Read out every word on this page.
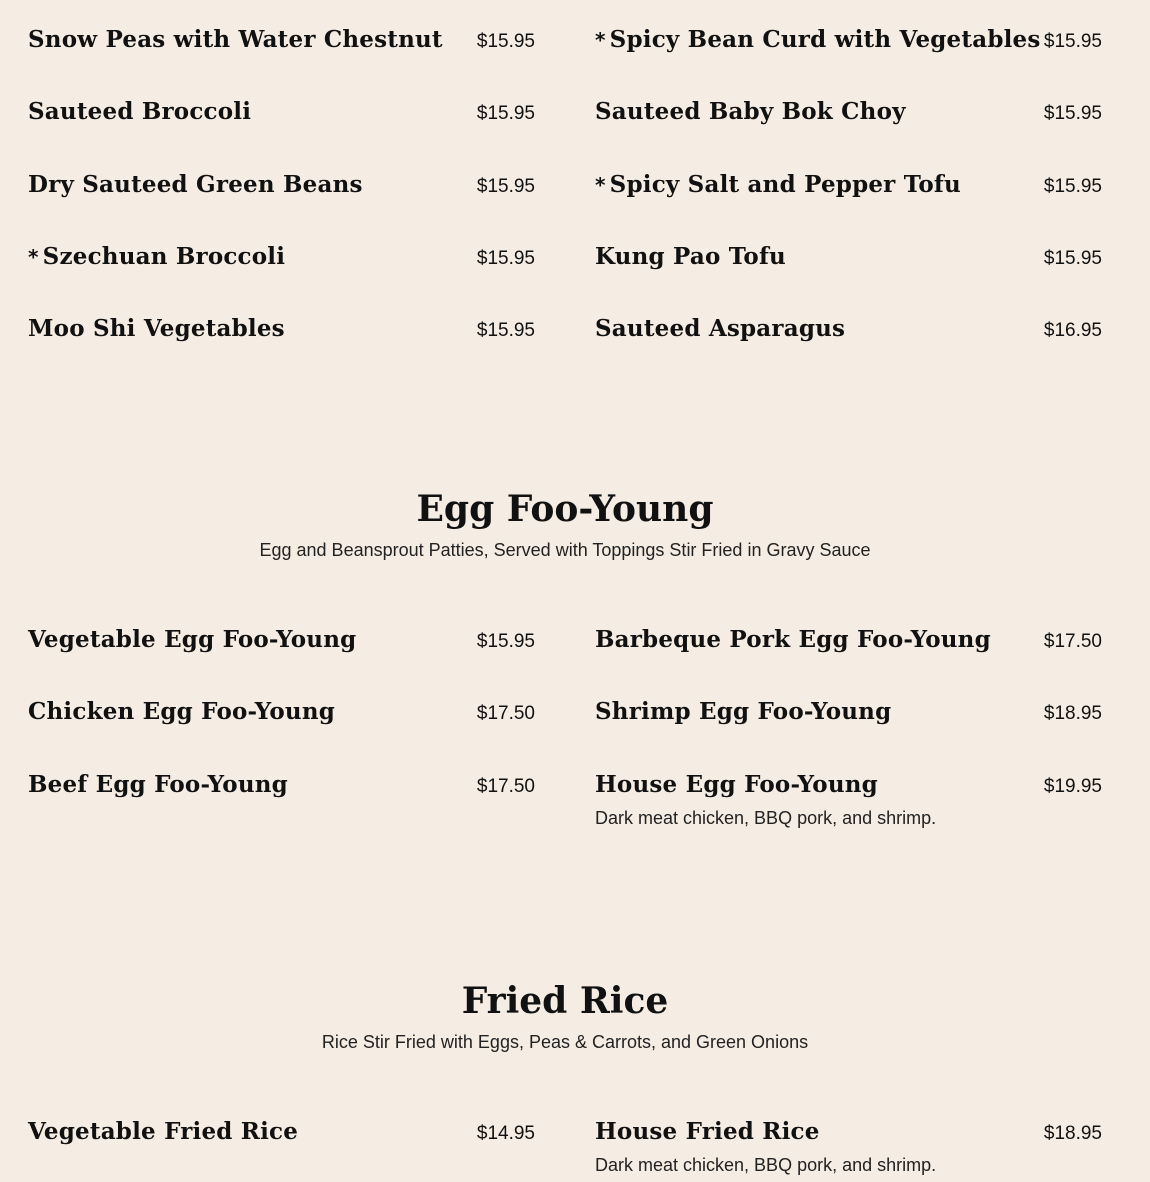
Snow Peas with Water Chestnut $15.95
Sauteed Broccoli	$15.95
Dry Sauteed Green Beans	$15.95
* Szechuan Broccoli	$15.95
Moo Shi Vegetables	$15.95
* Spicy Bean Curd with Vegetables $15.95
Sauteed Baby Bok Choy	$15.95
* Spicy Salt and Pepper Tofu	$15.95
Kung Pao Tofu	$15.95
Sauteed Asparagus	$16.95
Egg Foo-Young
Egg and Beansprout Patties, Served with Toppings Stir Fried in Gravy Sauce
Vegetable Egg Foo-Young	$15.95
Chicken Egg Foo-Young	$17.50
Beef Egg Foo-Young	$17.50
Barbeque Pork Egg Foo-Young	$17.50
Shrimp Egg Foo-Young	$18.95
House Egg Foo-Young	$19.95
Dark meat chicken, BBQ pork, and shrimp.
Fried Rice
Rice Stir Fried with Eggs, Peas & Carrots, and Green Onions
Vegetable Fried Rice	$14.95	House Fried Rice	$18.95
Dark meat chicken, BBQ pork, and shrimp.
